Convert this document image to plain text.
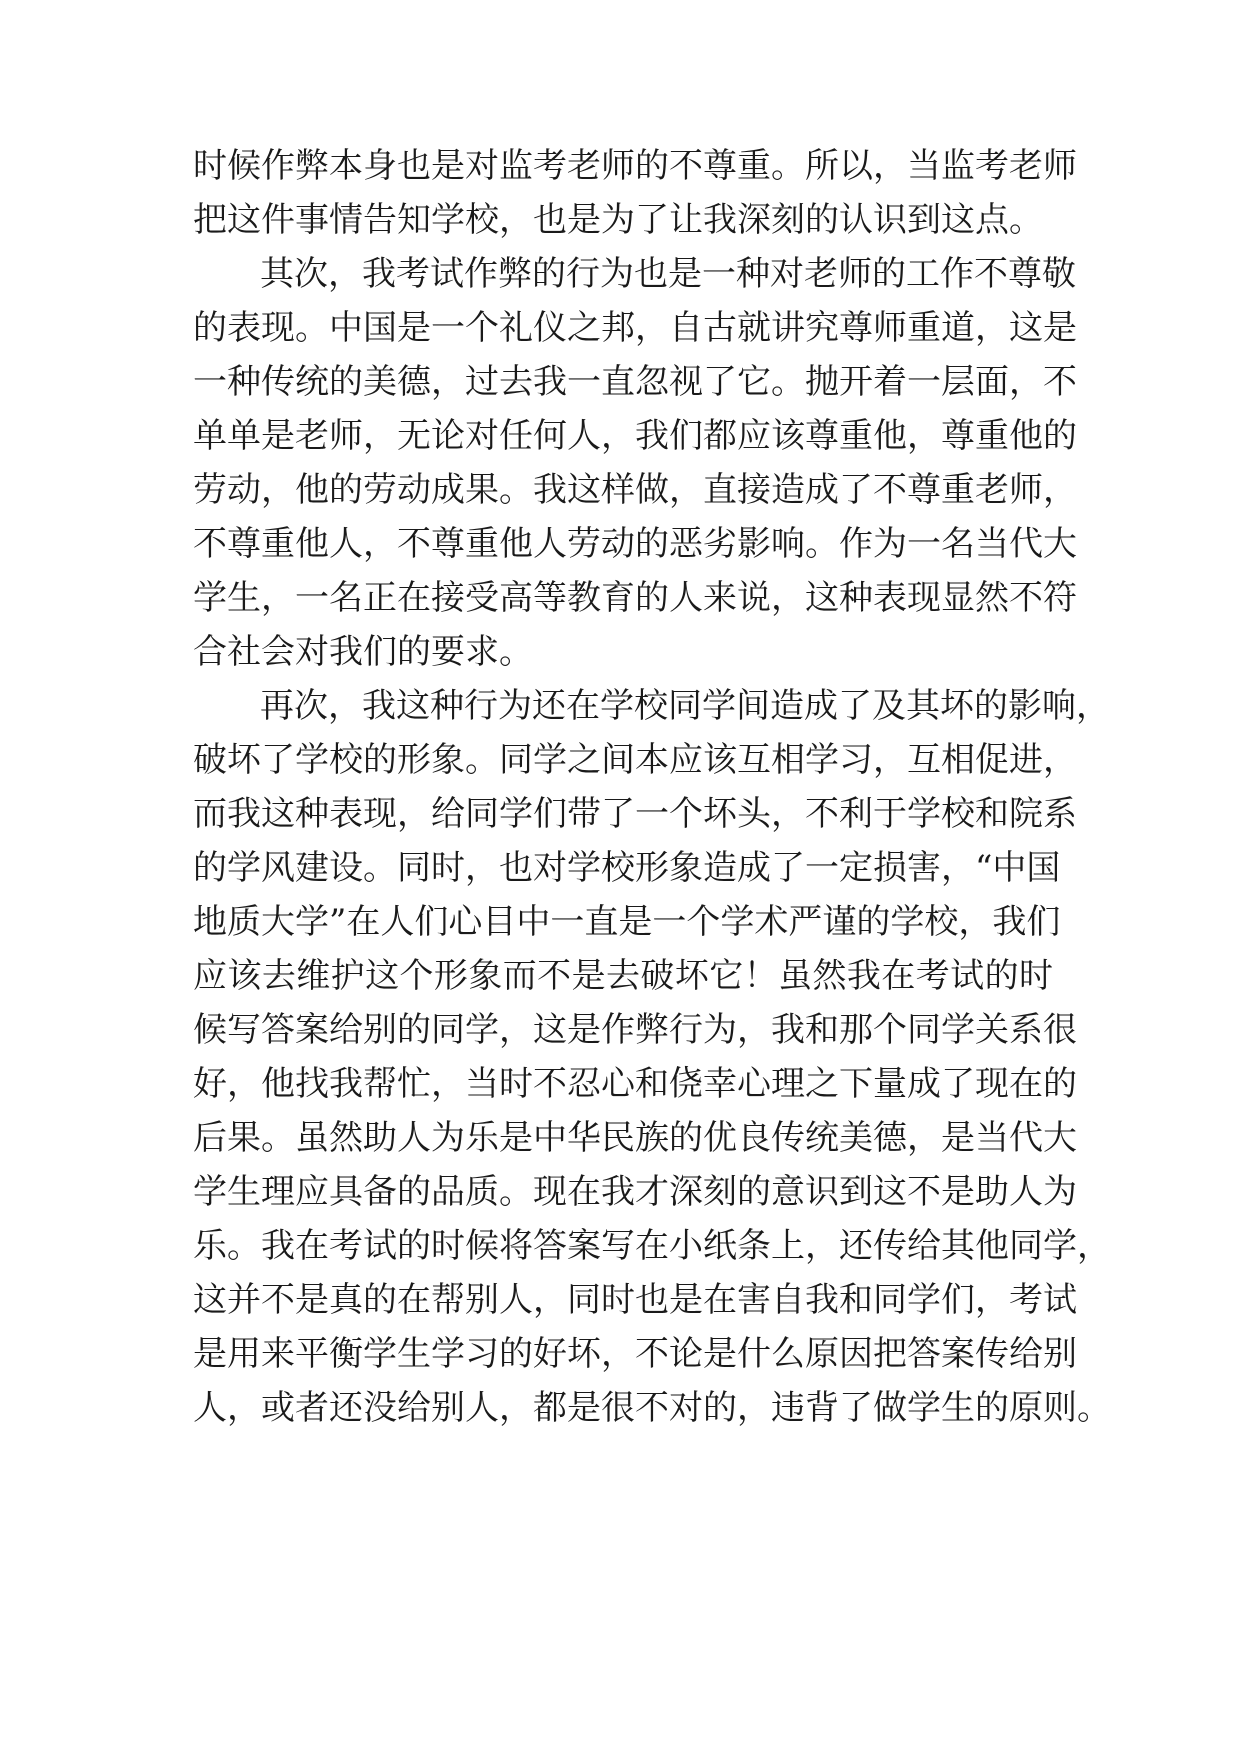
时候作弊本身也是对监考老师的不尊重。所以，当监考老师
把这件事情告知学校，也是为了让我深刻的认识到这点。
其次，我考试作弊的行为也是一种对老师的工作不尊敬
的表现。中国是一个礼仪之邦，自古就讲究尊师重道，这是
一种传统的美德，过去我一直忽视了它。抛开着一层面，不
单单是老师，无论对任何人，我们都应该尊重他，尊重他的
劳动，他的劳动成果。我这样做，直接造成了不尊重老师，
不尊重他人，不尊重他人劳动的恶劣影响。作为一名当代大
学生，一名正在接受高等教育的人来说，这种表现显然不符
合社会对我们的要求。
再次，我这种行为还在学校同学间造成了及其坏的影响，
破坏了学校的形象。同学之间本应该互相学习，互相促进，
而我这种表现，给同学们带了一个坏头，不利于学校和院系
的学风建设。同时，也对学校形象造成了一定损害，“中国
地质大学”在人们心目中一直是一个学术严谨的学校，我们
应该去维护这个形象而不是去破坏它！虽然我在考试的时
候写答案给别的同学，这是作弊行为，我和那个同学关系很
好，他找我帮忙，当时不忍心和侥幸心理之下量成了现在的
后果。虽然助人为乐是中华民族的优良传统美德，是当代大
学生理应具备的品质。现在我才深刻的意识到这不是助人为
乐。我在考试的时候将答案写在小纸条上，还传给其他同学，
这并不是真的在帮别人，同时也是在害自我和同学们，考试
是用来平衡学生学习的好坏，不论是什么原因把答案传给别
人，或者还没给别人，都是很不对的，违背了做学生的原则。
